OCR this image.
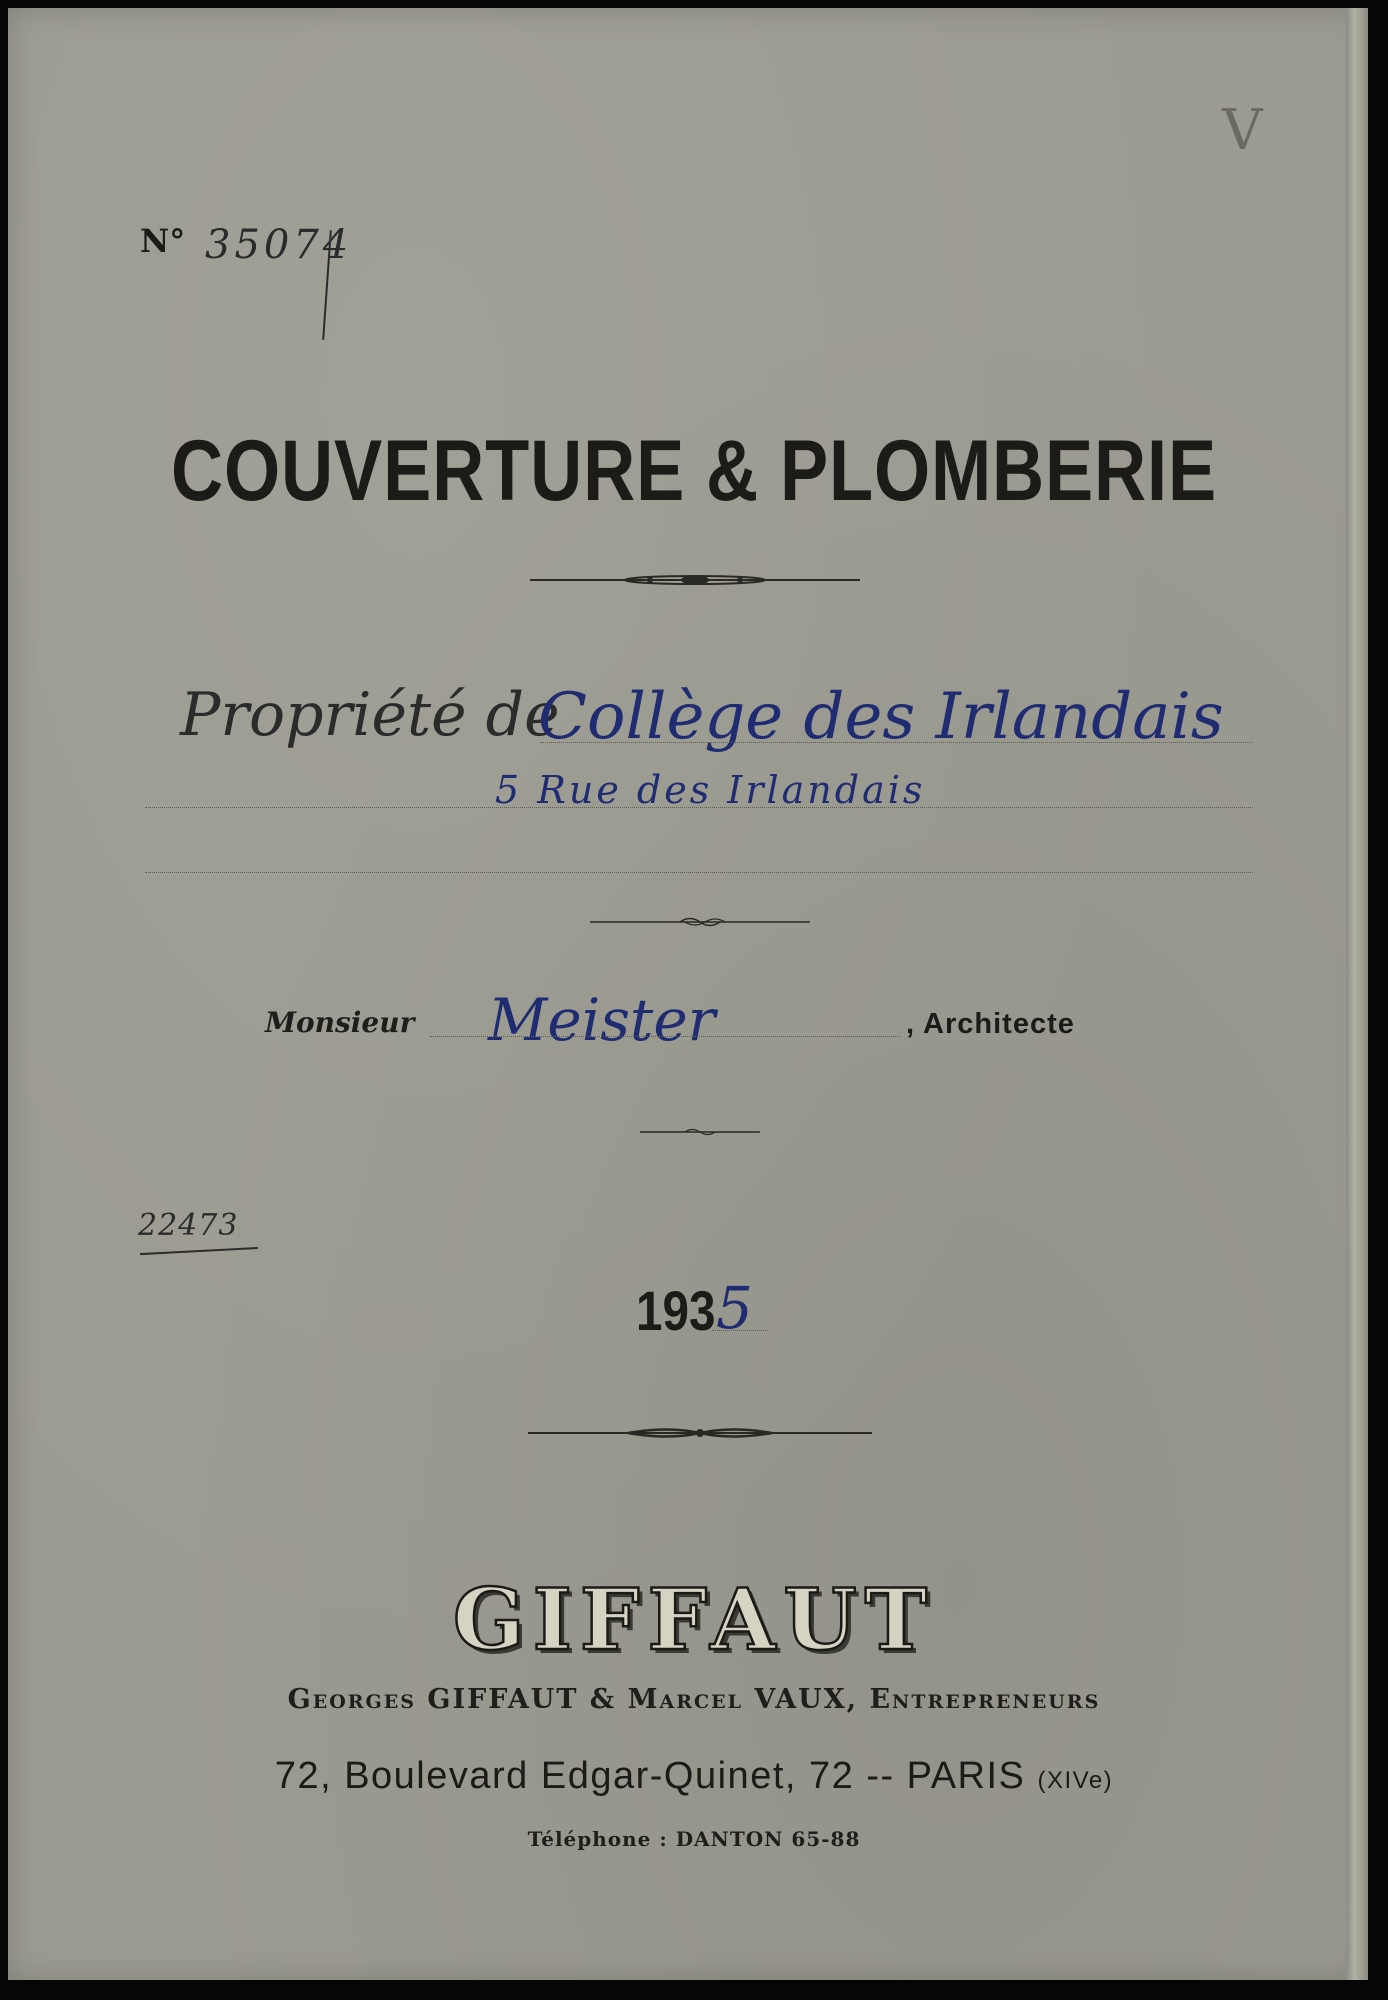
N° 35074
V
COUVERTURE & PLOMBERIE
Propriété de
Collège des Irlandais
5 Rue des Irlandais
Monsieur Meister	, Architecte
22473
193 5
GIFFAUT
Georges GIFFAUT & Marcel VAUX, Entrepreneurs
72, Boulevard Edgar-Quinet, 72 -- PARIS (XIVe)
Téléphone : DANTON 65-88
